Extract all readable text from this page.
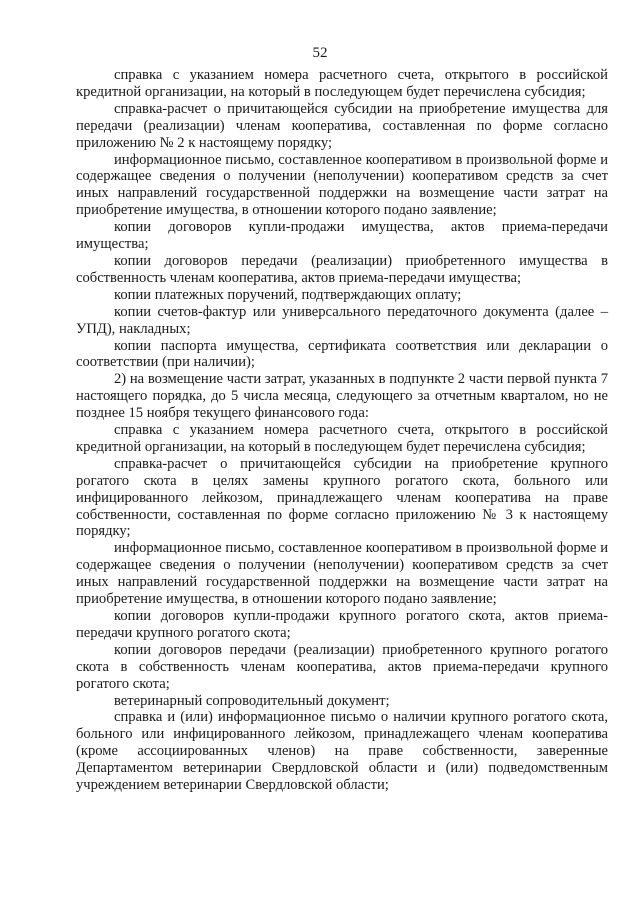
52

справка с указанием номера расчетного счета, открытого в российской кредитной организации, на который в последующем будет перечислена субсидия;

справка-расчет о причитающейся субсидии на приобретение имущества для передачи (реализации) членам кооператива, составленная по форме согласно приложению № 2 к настоящему порядку;

информационное письмо, составленное кооперативом в произвольной форме и содержащее сведения о получении (неполучении) кооперативом средств за счет иных направлений государственной поддержки на возмещение части затрат на приобретение имущества, в отношении которого подано заявление;

копии договоров купли-продажи имущества, актов приема-передачи имущества;

копии договоров передачи (реализации) приобретенного имущества в собственность членам кооператива, актов приема-передачи имущества;

копии платежных поручений, подтверждающих оплату;

копии счетов-фактур или универсального передаточного документа (далее – УПД), накладных;

копии паспорта имущества, сертификата соответствия или декларации о соответствии (при наличии);

2) на возмещение части затрат, указанных в подпункте 2 части первой пункта 7 настоящего порядка, до 5 числа месяца, следующего за отчетным кварталом, но не позднее 15 ноября текущего финансового года:

справка с указанием номера расчетного счета, открытого в российской кредитной организации, на который в последующем будет перечислена субсидия;

справка-расчет о причитающейся субсидии на приобретение крупного рогатого скота в целях замены крупного рогатого скота, больного или инфицированного лейкозом, принадлежащего членам кооператива на праве собственности, составленная по форме согласно приложению № 3 к настоящему порядку;

информационное письмо, составленное кооперативом в произвольной форме и содержащее сведения о получении (неполучении) кооперативом средств за счет иных направлений государственной поддержки на возмещение части затрат на приобретение имущества, в отношении которого подано заявление;

копии договоров купли-продажи крупного рогатого скота, актов приема-передачи крупного рогатого скота;

копии договоров передачи (реализации) приобретенного крупного рогатого скота в собственность членам кооператива, актов приема-передачи крупного рогатого скота;

ветеринарный сопроводительный документ;

справка и (или) информационное письмо о наличии крупного рогатого скота, больного или инфицированного лейкозом, принадлежащего членам кооператива (кроме ассоциированных членов) на праве собственности, заверенные Департаментом ветеринарии Свердловской области и (или) подведомственным учреждением ветеринарии Свердловской области;
